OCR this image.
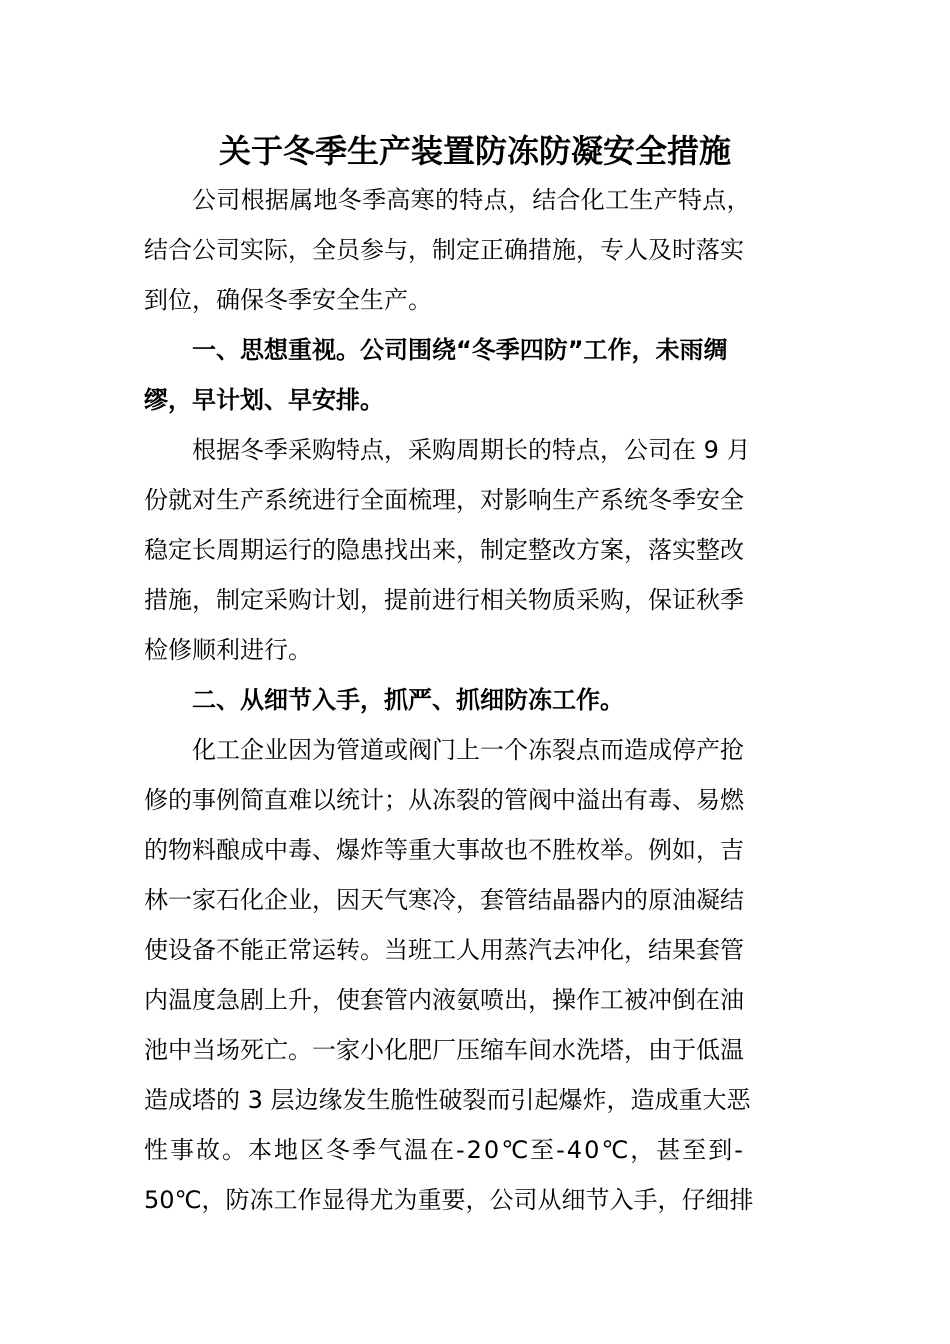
关于冬季生产装置防冻防凝安全措施
公司根据属地冬季高寒的特点，结合化工生产特点，
结合公司实际，全员参与，制定正确措施，专人及时落实
到位，确保冬季安全生产。
一、思想重视。公司围绕“冬季四防”工作，未雨绸
缪，早计划、早安排。
根据冬季采购特点，采购周期长的特点，公司在 9 月
份就对生产系统进行全面梳理，对影响生产系统冬季安全
稳定长周期运行的隐患找出来，制定整改方案，落实整改
措施，制定采购计划，提前进行相关物质采购，保证秋季
检修顺利进行。
二、从细节入手，抓严、抓细防冻工作。
化工企业因为管道或阀门上一个冻裂点而造成停产抢
修的事例简直难以统计；从冻裂的管阀中溢出有毒、易燃
的物料酿成中毒、爆炸等重大事故也不胜枚举。例如，吉
林一家石化企业，因天气寒冷，套管结晶器内的原油凝结
使设备不能正常运转。当班工人用蒸汽去冲化，结果套管
内温度急剧上升，使套管内液氨喷出，操作工被冲倒在油
池中当场死亡。一家小化肥厂压缩车间水洗塔，由于低温
造成塔的 3 层边缘发生脆性破裂而引起爆炸，造成重大恶
性事故。本地区冬季气温在-20℃至-40℃，甚至到-
50℃，防冻工作显得尤为重要，公司从细节入手，仔细排
